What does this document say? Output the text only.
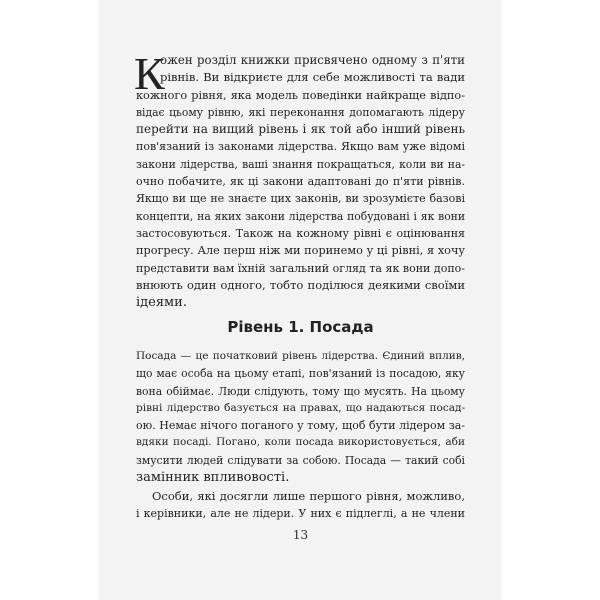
К
ожен розділ книжки присвячено одному з п'яти
рівнів. Ви відкриєте для себе можливості та вади
кожного рівня, яка модель поведінки найкраще відпо-
відає цьому рівню, які переконання допомагають лідеру
перейти на вищий рівень і як той або інший рівень
пов'язаний із законами лідерства. Якщо вам уже відомі
закони лідерства, ваші знання покращаться, коли ви на-
очно побачите, як ці закони адаптовані до п'яти рівнів.
Якщо ви ще не знаєте цих законів, ви зрозумієте базові
концепти, на яких закони лідерства побудовані і як вони
застосовуються. Також на кожному рівні є оцінювання
прогресу. Але перш ніж ми поринемо у ці рівні, я хочу
представити вам їхній загальний огляд та як вони допо-
внюють один одного, тобто поділюся деякими своїми
ідеями.
Рівень 1. Посада
Посада — це початковий рівень лідерства. Єдиний вплив,
що має особа на цьому етапі, пов'язаний із посадою, яку
вона обіймає. Люди слідують, тому що мусять. На цьому
рівні лідерство базується на правах, що надаються посад-
ою. Немає нічого поганого у тому, щоб бути лідером за-
вдяки посаді. Погано, коли посада використовується, аби
змусити людей слідувати за собою. Посада — такий собі
замінник впливовості.
Особи, які досягли лише першого рівня, можливо,
і керівники, але не лідери. У них є підлеглі, а не члени
13
